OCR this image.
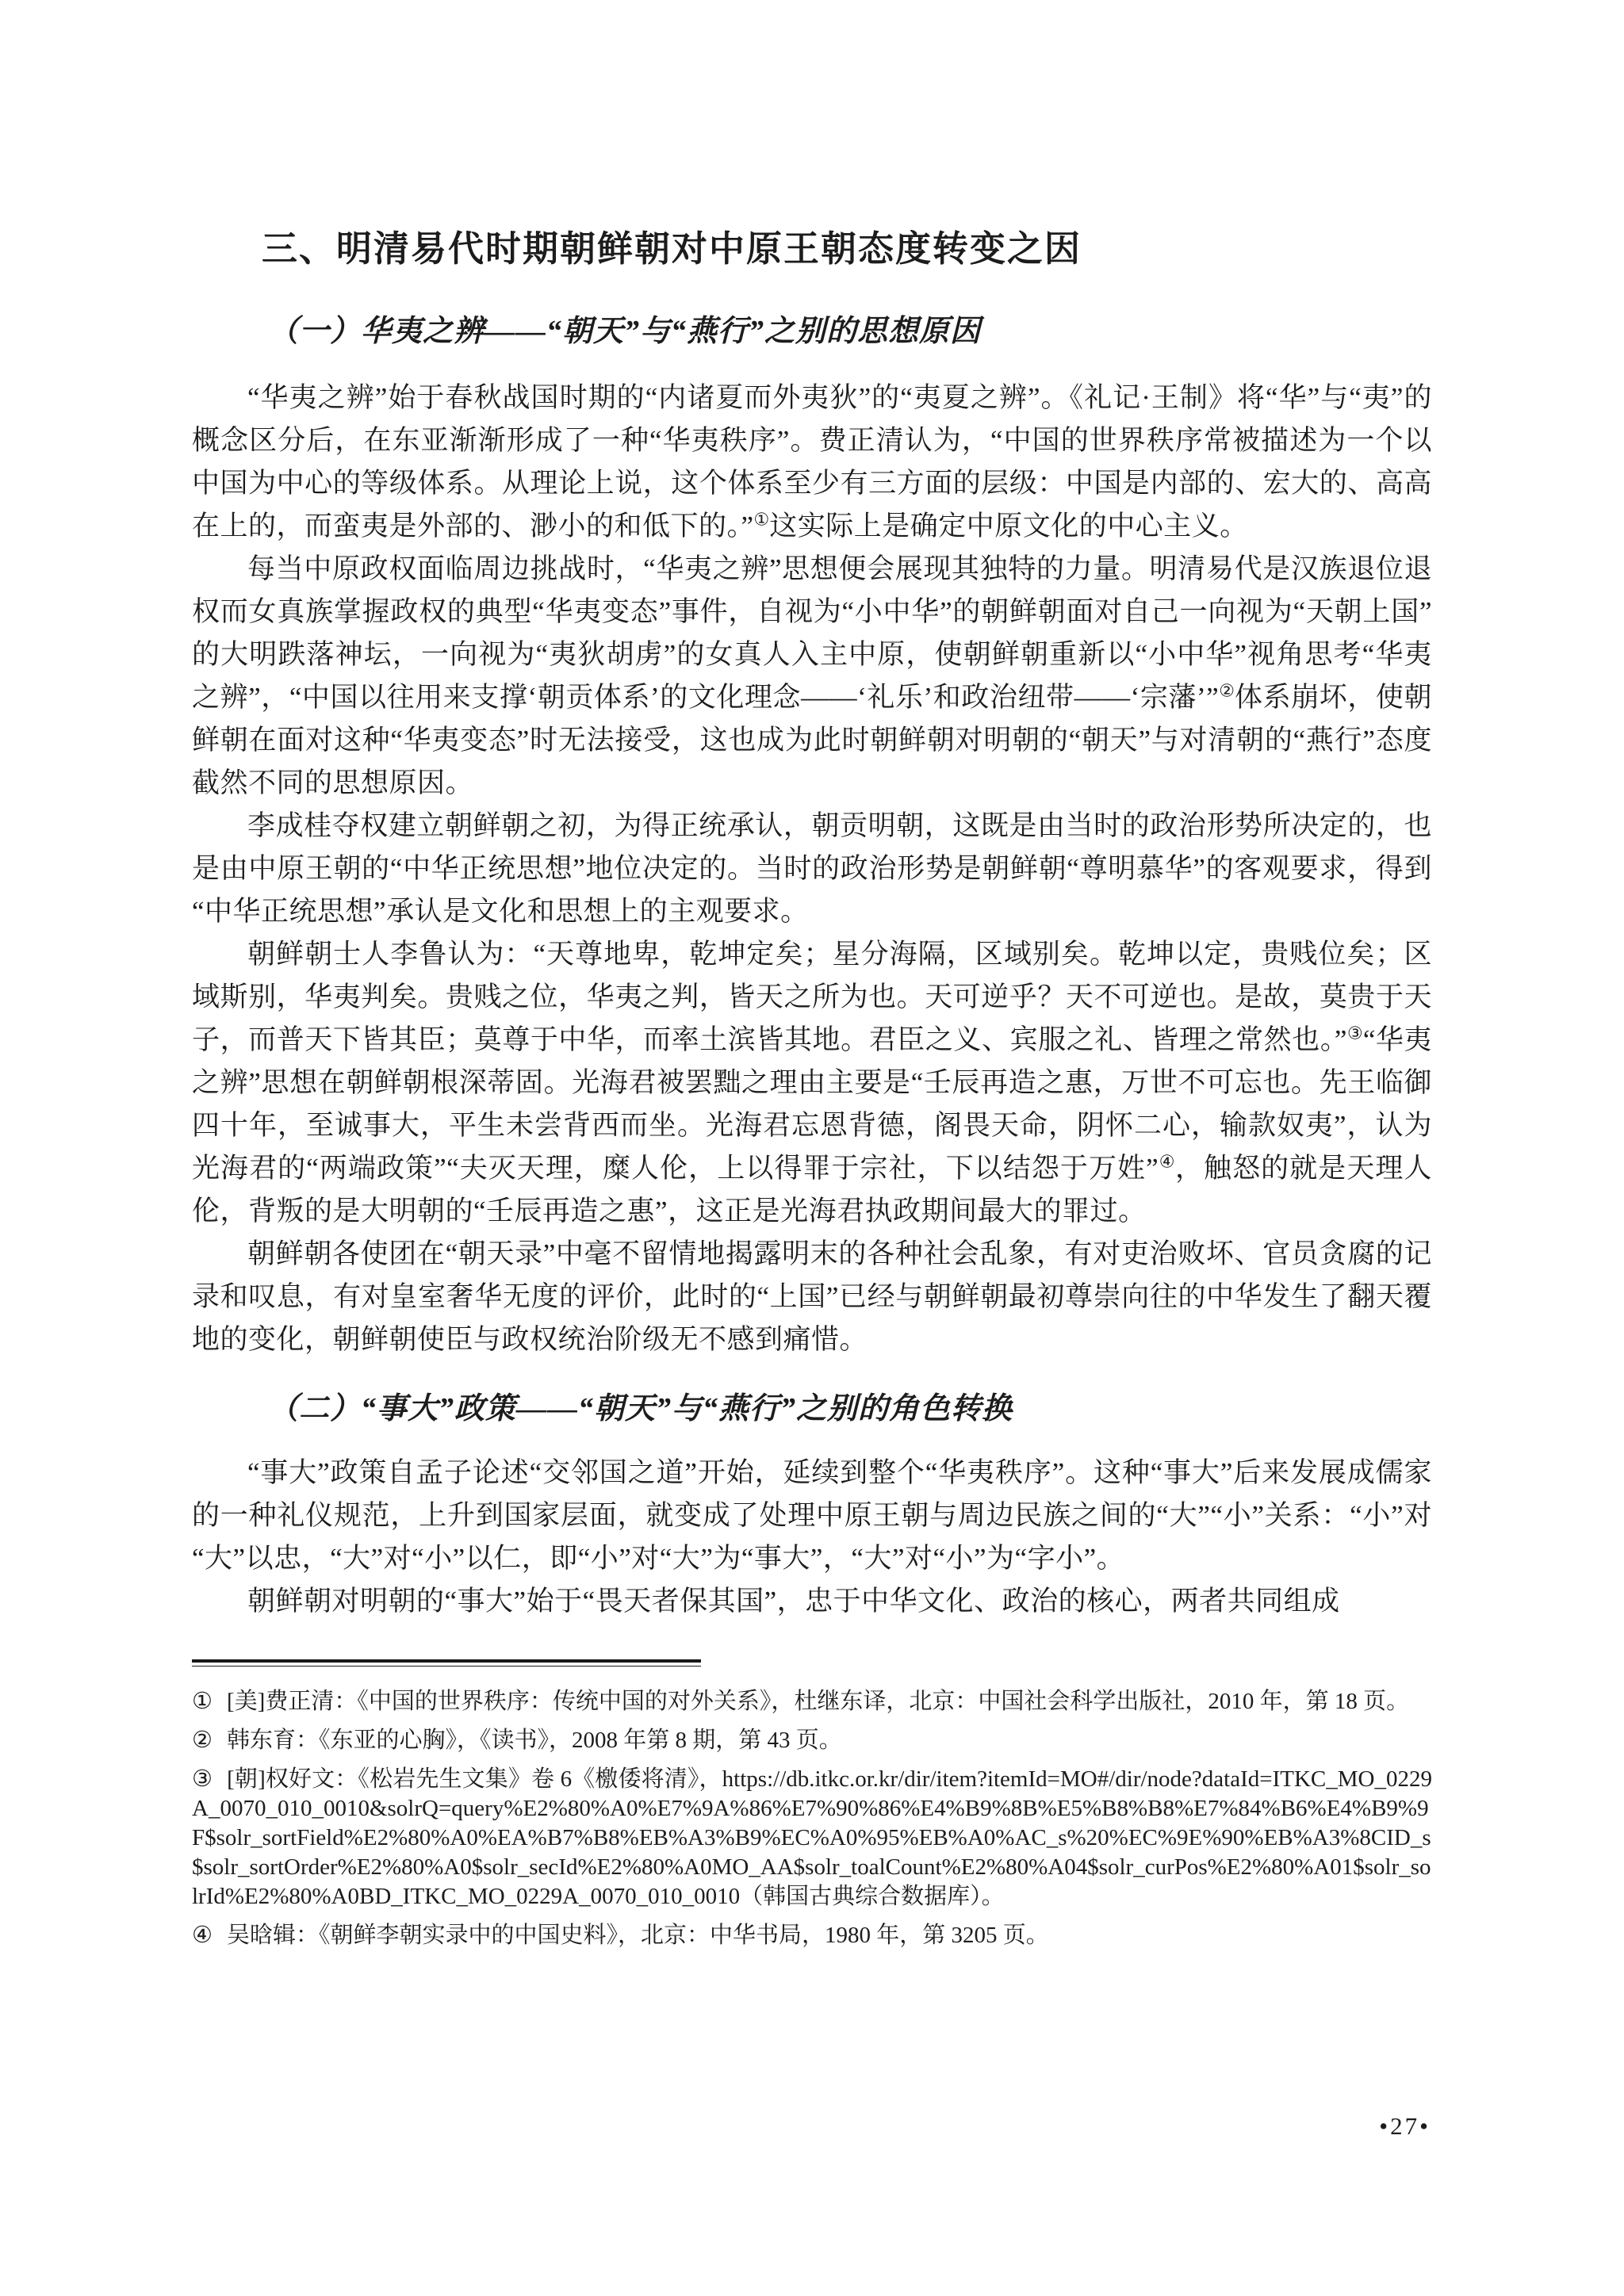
三、明清易代时期朝鲜朝对中原王朝态度转变之因
（一）华夷之辨——“朝天”与“燕行”之别的思想原因

“华夷之辨”始于春秋战国时期的“内诸夏而外夷狄”的“夷夏之辨”。《礼记·王制》将“华”与“夷”的概念区分后，在东亚渐渐形成了一种“华夷秩序”。费正清认为，“中国的世界秩序常被描述为一个以中国为中心的等级体系。从理论上说，这个体系至少有三方面的层级：中国是内部的、宏大的、高高在上的，而蛮夷是外部的、渺小的和低下的。”①这实际上是确定中原文化的中心主义。

每当中原政权面临周边挑战时，“华夷之辨”思想便会展现其独特的力量。明清易代是汉族退位退权而女真族掌握政权的典型“华夷变态”事件，自视为“小中华”的朝鲜朝面对自己一向视为“天朝上国”的大明跌落神坛，一向视为“夷狄胡虏”的女真人入主中原，使朝鲜朝重新以“小中华”视角思考“华夷之辨”，“中国以往用来支撑‘朝贡体系’的文化理念——‘礼乐’和政治纽带——‘宗藩’”②体系崩坏，使朝鲜朝在面对这种“华夷变态”时无法接受，这也成为此时朝鲜朝对明朝的“朝天”与对清朝的“燕行”态度截然不同的思想原因。

李成桂夺权建立朝鲜朝之初，为得正统承认，朝贡明朝，这既是由当时的政治形势所决定的，也是由中原王朝的“中华正统思想”地位决定的。当时的政治形势是朝鲜朝“尊明慕华”的客观要求，得到“中华正统思想”承认是文化和思想上的主观要求。

朝鲜朝士人李鲁认为：“天尊地卑，乾坤定矣；星分海隔，区域别矣。乾坤以定，贵贱位矣；区域斯别，华夷判矣。贵贱之位，华夷之判，皆天之所为也。天可逆乎？天不可逆也。是故，莫贵于天子，而普天下皆其臣；莫尊于中华，而率土滨皆其地。君臣之义、宾服之礼、皆理之常然也。”③“华夷之辨”思想在朝鲜朝根深蒂固。光海君被罢黜之理由主要是“壬辰再造之惠，万世不可忘也。先王临御四十年，至诚事大，平生未尝背西而坐。光海君忘恩背德，阁畏天命，阴怀二心，输款奴夷”，认为光海君的“两端政策”“夫灭天理，糜人伦，上以得罪于宗社，下以结怨于万姓”④，触怒的就是天理人伦，背叛的是大明朝的“壬辰再造之惠”，这正是光海君执政期间最大的罪过。

朝鲜朝各使团在“朝天录”中毫不留情地揭露明末的各种社会乱象，有对吏治败坏、官员贪腐的记录和叹息，有对皇室奢华无度的评价，此时的“上国”已经与朝鲜朝最初尊崇向往的中华发生了翻天覆地的变化，朝鲜朝使臣与政权统治阶级无不感到痛惜。

（二）“事大”政策——“朝天”与“燕行”之别的角色转换

“事大”政策自孟子论述“交邻国之道”开始，延续到整个“华夷秩序”。这种“事大”后来发展成儒家的一种礼仪规范，上升到国家层面，就变成了处理中原王朝与周边民族之间的“大”“小”关系：“小”对“大”以忠，“大”对“小”以仁，即“小”对“大”为“事大”，“大”对“小”为“字小”。

朝鲜朝对明朝的“事大”始于“畏天者保其国”，忠于中华文化、政治的核心，两者共同组成

① [美]费正清：《中国的世界秩序：传统中国的对外关系》，杜继东译，北京：中国社会科学出版社，2010 年，第 18 页。

② 韩东育：《东亚的心胸》，《读书》，2008 年第 8 期，第 43 页。

③ [朝]权好文：《松岩先生文集》卷 6《檄倭将清》，https://db.itkc.or.kr/dir/item?itemId=MO#/dir/node?dataId=ITKC_MO_0229A_0070_010_0010&solrQ=query%E2%80%A0%E7%9A%86%E7%90%86%E4%B9%8B%E5%B8%B8%E7%84%B6%E4%B9%9F$solr_sortField%E2%80%A0%EA%B7%B8%EB%A3%B9%EC%A0%95%EB%A0%AC_s%20%EC%9E%90%EB%A3%8CID_s$solr_sortOrder%E2%80%A0$solr_secId%E2%80%A0MO_AA$solr_toalCount%E2%80%A04$solr_curPos%E2%80%A01$solr_solrId%E2%80%A0BD_ITKC_MO_0229A_0070_010_0010（韩国古典综合数据库）。

④ 吴晗辑：《朝鲜李朝实录中的中国史料》，北京：中华书局，1980 年，第 3205 页。

•27•
